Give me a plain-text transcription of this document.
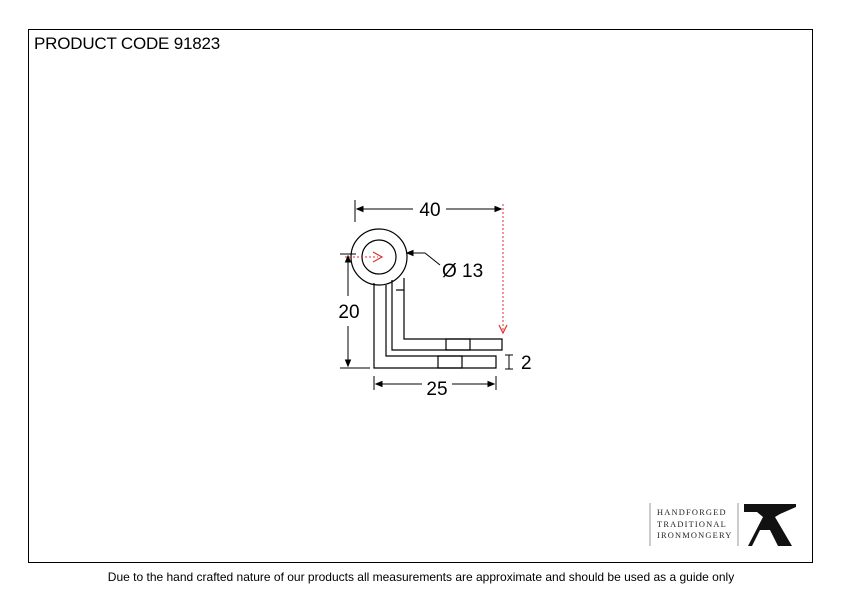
PRODUCT CODE 91823
40
Ø 13
20
25
2
HANDFORGED
TRADITIONAL
IRONMONGERY
Due to the hand crafted nature of our products all measurements are approximate and should be used as a guide only
